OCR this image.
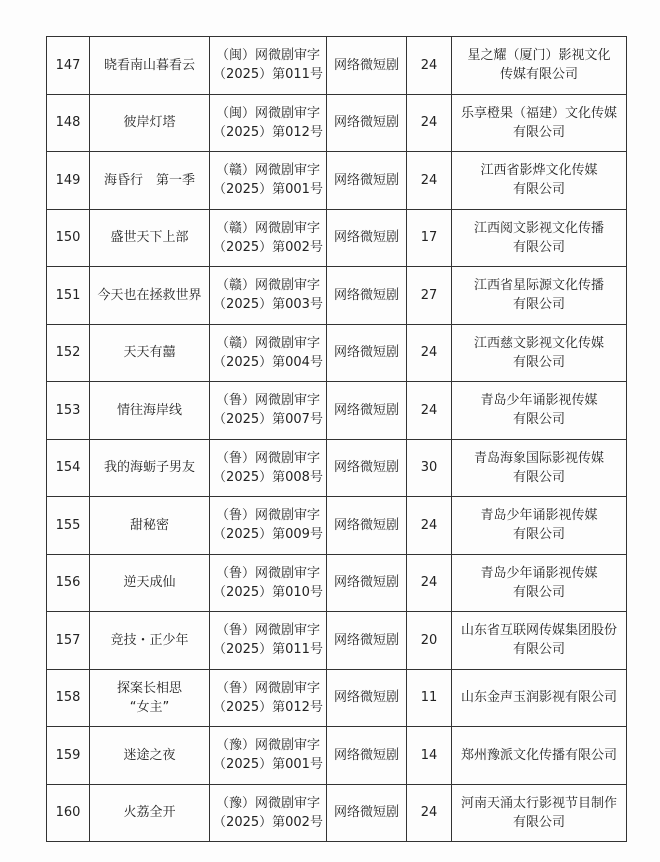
147	晓看南山暮看云	（闽）网微剧审字
（2025）第011号	网络微短剧	24	星之耀（厦门）影视文化
传媒有限公司

148	彼岸灯塔	（闽）网微剧审字
（2025）第012号	网络微短剧	24	乐享橙果（福建）文化传媒
有限公司

149	海昏行　第一季	（赣）网微剧审字
（2025）第001号	网络微短剧	24	江西省影烨文化传媒
有限公司

150	盛世天下上部	（赣）网微剧审字
（2025）第002号	网络微短剧	17	江西阅文影视文化传播
有限公司

151	今天也在拯救世界	（赣）网微剧审字
（2025）第003号	网络微短剧	27	江西省星际源文化传播
有限公司

152	天天有囍	（赣）网微剧审字
（2025）第004号	网络微短剧	24	江西慈文影视文化传媒
有限公司

153	情往海岸线	（鲁）网微剧审字
（2025）第007号	网络微短剧	24	青岛少年诵影视传媒
有限公司

154	我的海蛎子男友	（鲁）网微剧审字
（2025）第008号	网络微短剧	30	青岛海象国际影视传媒
有限公司

155	甜秘密	（鲁）网微剧审字
（2025）第009号	网络微短剧	24	青岛少年诵影视传媒
有限公司

156	逆天成仙	（鲁）网微剧审字
（2025）第010号	网络微短剧	24	青岛少年诵影视传媒
有限公司

157	竞技・正少年	（鲁）网微剧审字
（2025）第011号	网络微短剧	20	山东省互联网传媒集团股份
有限公司

158	探案长相思
“女主”	（鲁）网微剧审字
（2025）第012号	网络微短剧	11	山东金声玉润影视有限公司

159	迷途之夜	（豫）网微剧审字
（2025）第001号	网络微短剧	14	郑州豫派文化传播有限公司

160	火荔全开	（豫）网微剧审字
（2025）第002号	网络微短剧	24	河南天涌太行影视节目制作
有限公司
